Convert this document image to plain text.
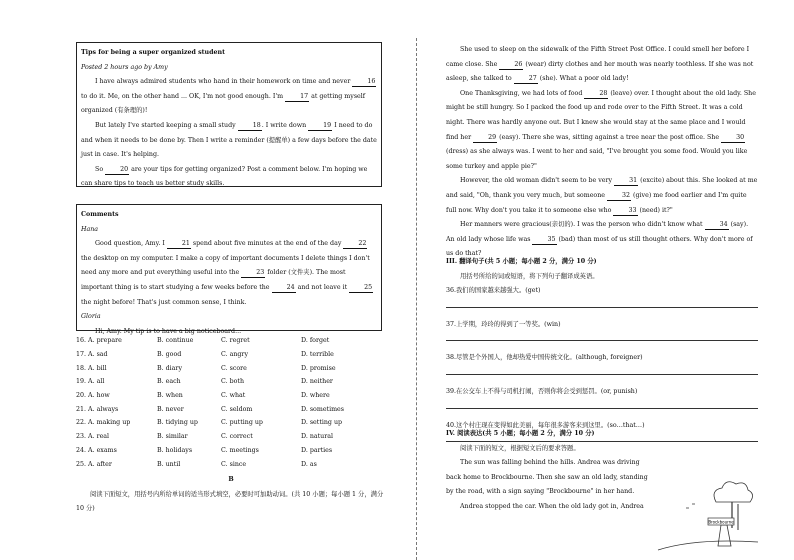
Tips for being a super organized student

Posted 2 hours ago by Amy

I have always admired students who hand in their homework on time and never	16 to do it. Me, on the other hand ... OK, I'm not good enough. I'm	17 at getting myself organized (有条理的)!

But lately I've started keeping a small study	18. I write down	19 I need to do and when it needs to be done by. Then I write a reminder (提醒单) a few days before the date just in case. It's helping.

So	20 are your tips for getting organized? Post a comment below. I'm hoping we can share tips to teach us better study skills.

Comments

Hana

Good question, Amy. I	21 spend about five minutes at the end of the day	22 the desktop on my computer. I make a copy of important documents I delete things I don't need any more and put everything useful into the	23 folder (文件夹). The most important thing is to start studying a few weeks before the	24 and not leave it	25 the night before! That's just common sense, I think.

Gloria

Hi, Amy. My tip is to have a big noticeboard...

16. A. prepare	B. continue	C. regret	D. forget
17. A. sad	B. good	C. angry	D. terrible
18. A. bill	B. diary	C. score	D. promise
19. A. all	B. each	C. both	D. neither
20. A. how	B. when	C. what	D. where
21. A. always	B. never	C. seldom	D. sometimes
22. A. making up	B. tidying up	C. putting up	D. setting up
23. A. real	B. similar	C. correct	D. natural
24. A. exams	B. holidays	C. meetings	D. parties
25. A. after	B. until	C. since	D. as

B

阅读下面短文，用括号内所给单词的适当形式填空，必要时可加助动词。(共 10 小题；每小题 1 分，满分 10 分)

She used to sleep on the sidewalk of the Fifth Street Post Office. I could smell her before I came close. She	26 (wear) dirty clothes and her mouth was nearly toothless. If she was not asleep, she talked to	27 (she). What a poor old lady!

One Thanksgiving, we had lots of food	28 (leave) over. I thought about the old lady. She might be still hungry. So I packed the food up and rode over to the Fifth Street. It was a cold night. There was hardly anyone out. But I knew she would stay at the same place and I would find her	29 (easy). There she was, sitting against a tree near the post office. She	30 (dress) as she always was. I went to her and said, "I've brought you some food. Would you like some turkey and apple pie?"

However, the old woman didn't seem to be very	31 (excite) about this. She looked at me and said, "Oh, thank you very much, but someone	32 (give) me food earlier and I'm quite full now. Why don't you take it to someone else who	33 (need) it?"

Her manners were gracious(亲切的). I was the person who didn't know what	34 (say). An old lady whose life was	35 (bad) than most of us still thought others. Why don't more of us do that?

III. 翻译句子(共 5 小题；每小题 2 分，满分 10 分)

用括号所给的词或短语，将下列句子翻译成英语。

36.我们的国家越来越强大。(get)

37.上学期，玲玲的得到了一等奖。(win)

38.尽管是个外国人，他却热爱中国传统文化。(although, foreigner)

39.在公交车上不得与司机打闹，否则你将会受到惩罚。(or, punish)

40.这个村庄现在变得如此美丽，每年很多游客来到这里。(so…that…)

IV. 阅读表达(共 5 小题；每小题 2 分，满分 10 分)

阅读下面的短文，根据短文后的要求答题。

The sun was falling behind the hills. Andrea was driving back home to Brockbourne. Then she saw an old lady, standing by the road, with a sign saying "Brockbourne" in her hand.

Andrea stopped the car. When the old lady got in, Andrea

Brockbourne
